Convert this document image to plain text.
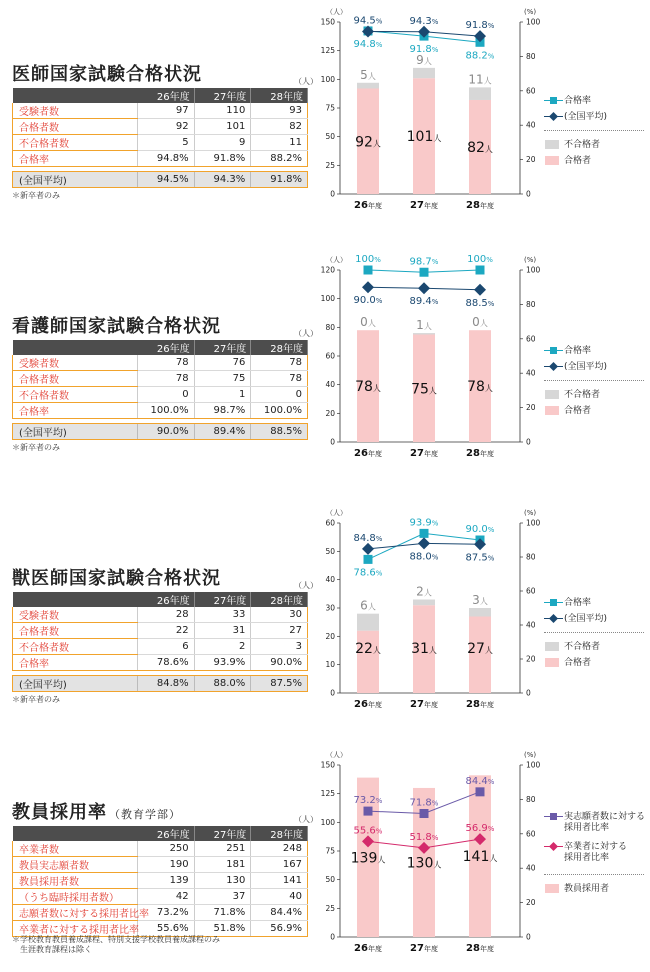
医師国家試験合格状況	（人）
	26年度	27年度	28年度
受験者数	97	110	93
合格者数	92	101	82
不合格者数	5	9	11
合格率	94.8%	91.8%	88.2%
(全国平均)	94.5%	94.3%	91.8%
＊新卒者のみ
（人）	(%)
0
25
50
75
100
125
150
0
20
40
60
80
100
92人 101人
82人
5人
9人
11人
94.8%	91.8%
88.2%
94.5%	94.3%	91.8%
26年度	27年度	28年度
合格率
(全国平均)
不合格者
合格者
看護師国家試験合格状況	（人）
	26年度	27年度	28年度
受験者数	78	76	78
合格者数	78	75	78
不合格者数	0	1	0
合格率	100.0%	98.7%	100.0%
(全国平均)	90.0%	89.4%	88.5%
＊新卒者のみ
（人）	(%)
0
20
40
60
80
100
120
0
20
40
60
80
100
78人 75人 78人
0人	1人	0人
100%	98.7%	100%
90.0%	89.4%	88.5%
26年度	27年度	28年度
合格率
(全国平均)
不合格者
合格者
獣医師国家試験合格状況	（人）
	26年度	27年度	28年度
受験者数	28	33	30
合格者数	22	31	27
不合格者数	6	2	3
合格率	78.6%	93.9%	90.0%
(全国平均)	84.8%	88.0%	87.5%
＊新卒者のみ
（人）	(%)
0
10
20
30
40
50
60
0
20
40
60
80
100
22人 31人 27人
6人
2人	3人
78.6%
93.9%
90.0%
84.8%
88.0%	87.5%
26年度	27年度	28年度
合格率
(全国平均)
不合格者
合格者
教員採用率 （教育学部）	（人）
	26年度	27年度	28年度
卒業者数	250	251	248
教員実志願者数	190	181	167
教員採用者数	139	130	141
（うち臨時採用者数）	42	37	40
志願者数に対する採用者比率	73.2%	71.8%	84.4%
卒業者に対する採用者比率	55.6%	51.8%	56.9%
＊学校教育教員養成課程、特別支援学校教員養成課程のみ
　生涯教育課程は除く
（人）	(%)
0
25
50
75
100
125
150
0
20
40
60
80
100
139人 130人 141人
73.2%	71.8%
84.4%
55.6%
51.8%
56.9%
26年度	27年度	28年度
実志願者数に対する
採用者比率
卒業者に対する
採用者比率
教員採用者
